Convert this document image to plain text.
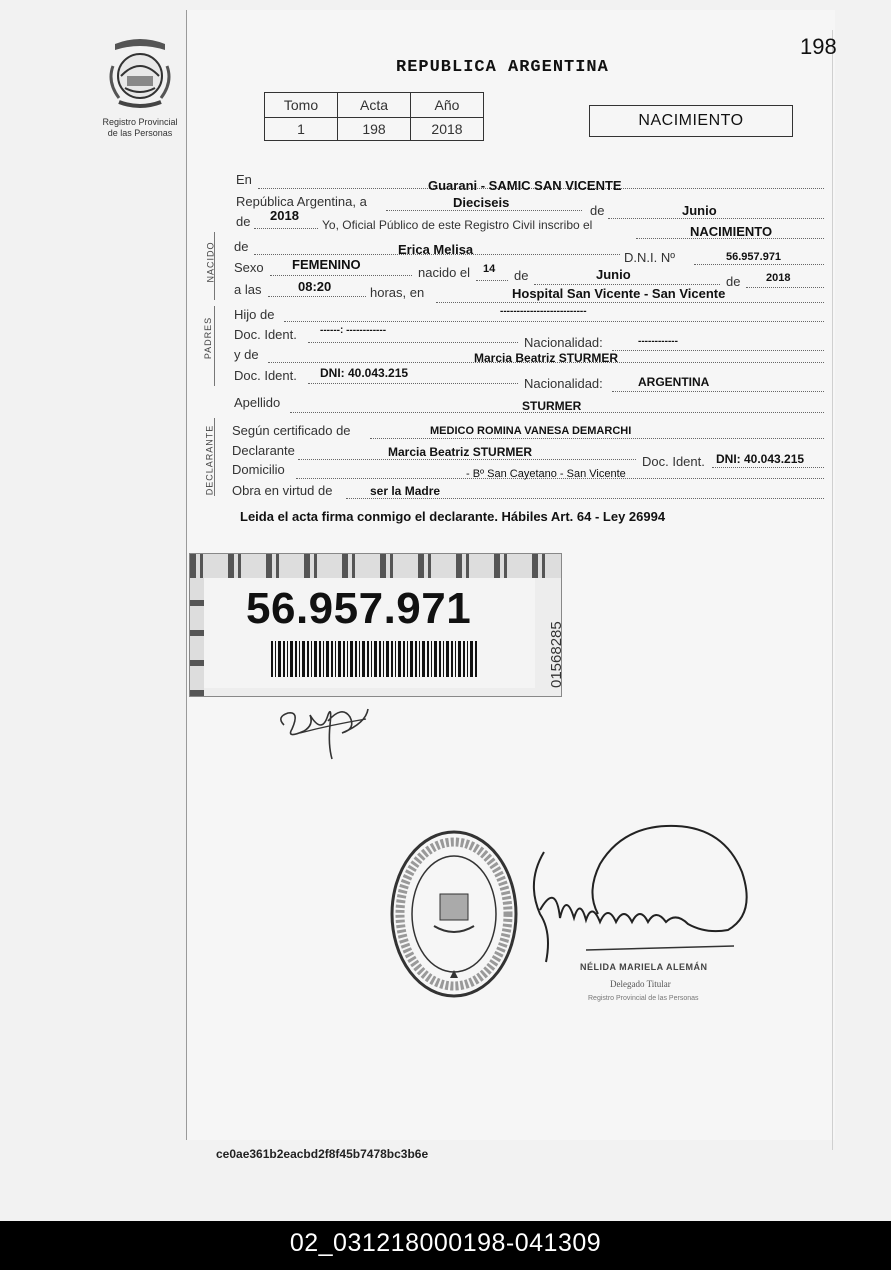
Registro Provincial
de las Personas
198
REPUBLICA ARGENTINA
Tomo	Acta	Año
1	198	2018	NACIMIENTO
NACIDO
PADRES
DECLARANTE
En	Guarani - SAMIC SAN VICENTE
República Argentina, a	Dieciseis
de	Junio
de 2018
Yo, Oficial Público de este Registro Civil inscribo el	NACIMIENTO
de	Erica Melisa
D.N.I. Nº	56.957.971
Sexo FEMENINO
nacido el 14 de	Junio	de 2018
a las	08:20	horas, en	Hospital San Vicente - San Vicente
Hijo de	--------------------------
Doc. Ident. ------: ------------
Nacionalidad:	------------
y de	Marcia Beatriz STURMER
Doc. Ident. DNI: 40.043.215
Nacionalidad:	ARGENTINA
Apellido	STURMER
Según certificado de	MEDICO ROMINA VANESA DEMARCHI
Declarante	Marcia Beatriz STURMER
Doc. Ident. DNI: 40.043.215
Domicilio	- Bº San Cayetano - San Vicente
Obra en virtud de	ser la Madre
Leida el acta firma conmigo el declarante. Hábiles Art. 64 - Ley 26994
56.957.971
01568285
NÉLIDA MARIELA ALEMÁN
Delegado Titular
Registro Provincial de las Personas
ce0ae361b2eacbd2f8f45b7478bc3b6e
02_031218000198-041309
